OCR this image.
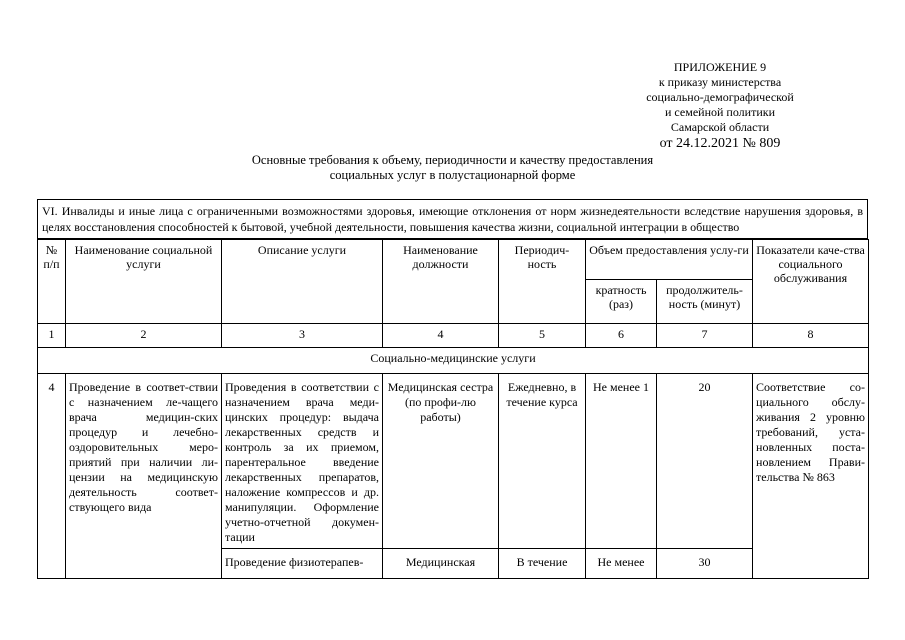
ПРИЛОЖЕНИЕ 9
к приказу министерства
социально-демографической
и семейной политики
Самарской области
от 24.12.2021 № 809
Основные требования к объему, периодичности и качеству предоставления
социальных услуг в полустационарной форме
VI. Инвалиды и иные лица с ограниченными возможностями здоровья, имеющие отклонения от норм жизнедеятельности вследствие нарушения здоровья, в целях восстановления способностей к бытовой, учебной деятельности, повышения качества жизни, социальной интеграции в общество
№ п/п	Наименование социальной услуги	Описание услуги	Наименование должности	Периодич-ность	Объем предоставления услу-ги		Показатели каче-ства социального обслуживания
					кратность (раз)	продолжитель-ность (минут)	
1	2	3	4	5	6	7	8
Социально-медицинские услуги							
4	Проведение в соответ-ствии с назначением ле-чащего врача медицин-ских процедур и лечебно-оздоровительных меро-приятий при наличии ли-цензии на медицинскую деятельность соответ-ствующего вида	Проведения в соответствии с назначением врача меди-цинских процедур: выдача лекарственных средств и контроль за их приемом, парентеральное введение лекарственных препаратов, наложение компрессов и др. манипуляции. Оформление учетно-отчетной докумен-тации	Медицинская сестра (по профи-лю работы)	Ежедневно, в течение курса	Не менее 1	20	Соответствие со-циального обслу-живания 2 уровню требований, уста-новленных поста-новлением Прави-тельства № 863
		Проведение физиотерапев-	Медицинская	В течение	Не менее	30	
